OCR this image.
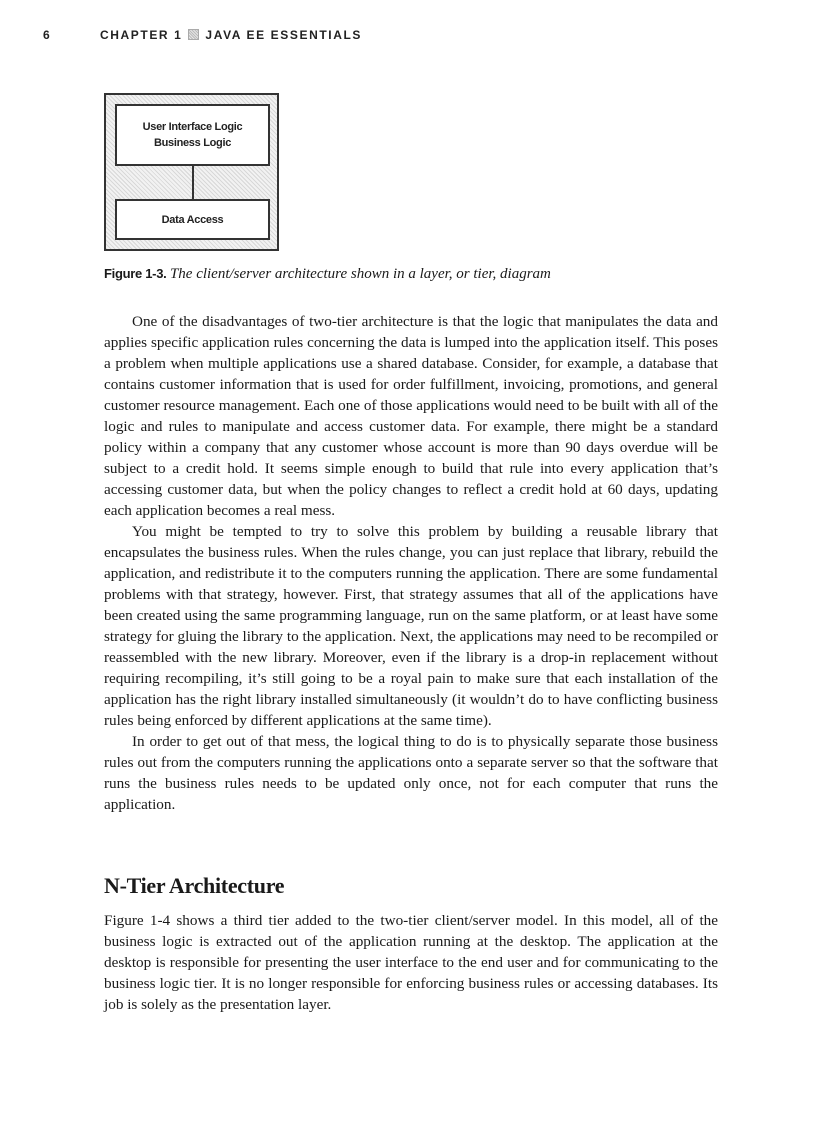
6	CHAPTER 1 JAVA EE ESSENTIALS
User Interface Logic
Business Logic
Data Access
Figure 1-3. The client/server architecture shown in a layer, or tier, diagram

One of the disadvantages of two-tier architecture is that the logic that manipulates the data and applies specific application rules concerning the data is lumped into the application itself. This poses a problem when multiple applications use a shared database. Consider, for example, a database that contains customer information that is used for order fulfillment, invoicing, promotions, and general customer resource management. Each one of those applications would need to be built with all of the logic and rules to manipulate and access customer data. For example, there might be a standard policy within a company that any customer whose account is more than 90 days overdue will be subject to a credit hold. It seems simple enough to build that rule into every application that’s accessing customer data, but when the policy changes to reflect a credit hold at 60 days, updating each application becomes a real mess.

You might be tempted to try to solve this problem by building a reusable library that encapsulates the business rules. When the rules change, you can just replace that library, rebuild the application, and redistribute it to the computers running the application. There are some fundamental problems with that strategy, however. First, that strategy assumes that all of the applications have been created using the same programming language, run on the same platform, or at least have some strategy for gluing the library to the application. Next, the applications may need to be recompiled or reassembled with the new library. Moreover, even if the library is a drop-in replacement without requiring recompiling, it’s still going to be a royal pain to make sure that each installation of the application has the right library installed simultaneously (it wouldn’t do to have conflicting business rules being enforced by different applications at the same time).

In order to get out of that mess, the logical thing to do is to physically separate those business rules out from the computers running the applications onto a separate server so that the software that runs the business rules needs to be updated only once, not for each computer that runs the application.

N-Tier Architecture

Figure 1-4 shows a third tier added to the two-tier client/server model. In this model, all of the business logic is extracted out of the application running at the desktop. The application at the desktop is responsible for presenting the user interface to the end user and for communicating to the business logic tier. It is no longer responsible for enforcing business rules or accessing databases. Its job is solely as the presentation layer.
